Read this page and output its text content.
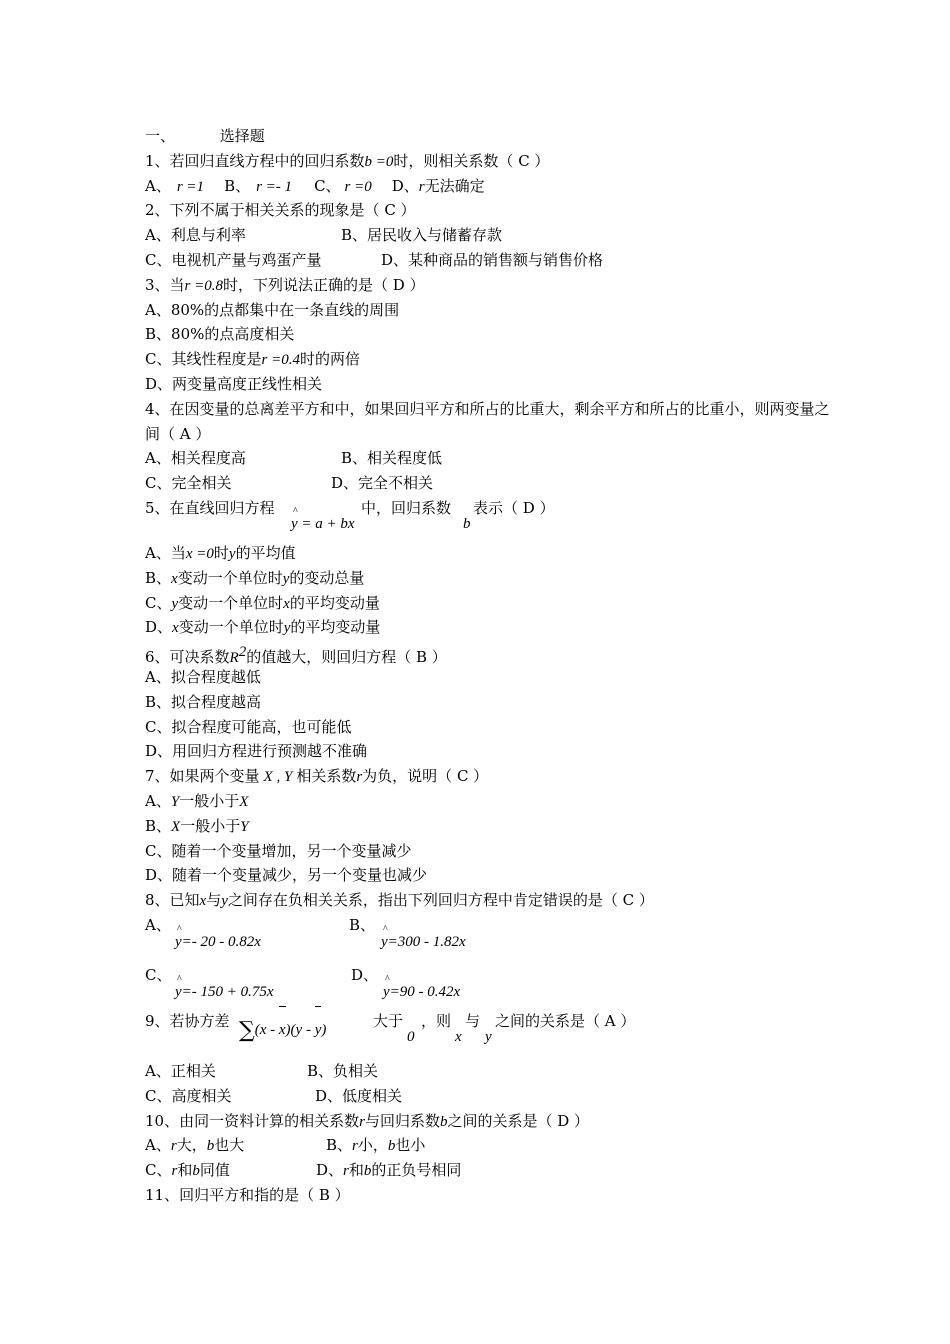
一、 选择题
1、若回归直线方程中的回归系数b =0时，则相关系数（ C ）
A、 r =1 B、 r =- 1 C、 r =0 D、r无法确定
2、下列不属于相关关系的现象是（ C ）
A、利息与利率	B、居民收入与储蓄存款
C、电视机产量与鸡蛋产量	D、某种商品的销售额与销售价格
3、当r =0.8时，下列说法正确的是（ D ）
A、80%的点都集中在一条直线的周围
B、80%的点高度相关
C、其线性程度是r =0.4时的两倍
D、两变量高度正线性相关
4、在因变量的总离差平方和中，如果回归平方和所占的比重大，剩余平方和所占的比重小，则两变量之间（ A ）
A、相关程度高	B、相关程度低
C、完全相关	D、完全不相关
5、在直线回归方程
^ y = a + bx
中，回归系数
b
表示（ D ）
A、当x =0时y的平均值
B、x变动一个单位时y的变动总量
C、y变动一个单位时x的平均变动量
D、x变动一个单位时y的平均变动量
6、可决系数$R^2$的值越大，则回归方程（ B ）
A、拟合程度越低
B、拟合程度越高
C、拟合程度可能高，也可能低
D、用回归方程进行预测越不准确
7、如果两个变量 X , Y 相关系数r为负，说明（ C ）
A、Y一般小于X
B、X一般小于Y
C、随着一个变量增加，另一个变量减少
D、随着一个变量减少，另一个变量也减少
8、已知x与y之间存在负相关关系，指出下列回归方程中肯定错误的是（ C ）
A、
^ y=- 20 - 0.82x
B、
^ y=300 - 1.82x
C、
^ y=- 150 + 0.75x
D、
^ y=90 - 0.42x
9、若协方差 ∑(x - x)(y - y)	大于
0
，则
x
与
y
之间的关系是（ A ）
A、正相关	B、负相关
C、高度相关	D、低度相关
10、由同一资料计算的相关系数r与回归系数b之间的关系是（ D ）
A、r大，b也大	B、r小，b也小
C、r和b同值	D、r和b的正负号相同
11、回归平方和指的是（ B ）
